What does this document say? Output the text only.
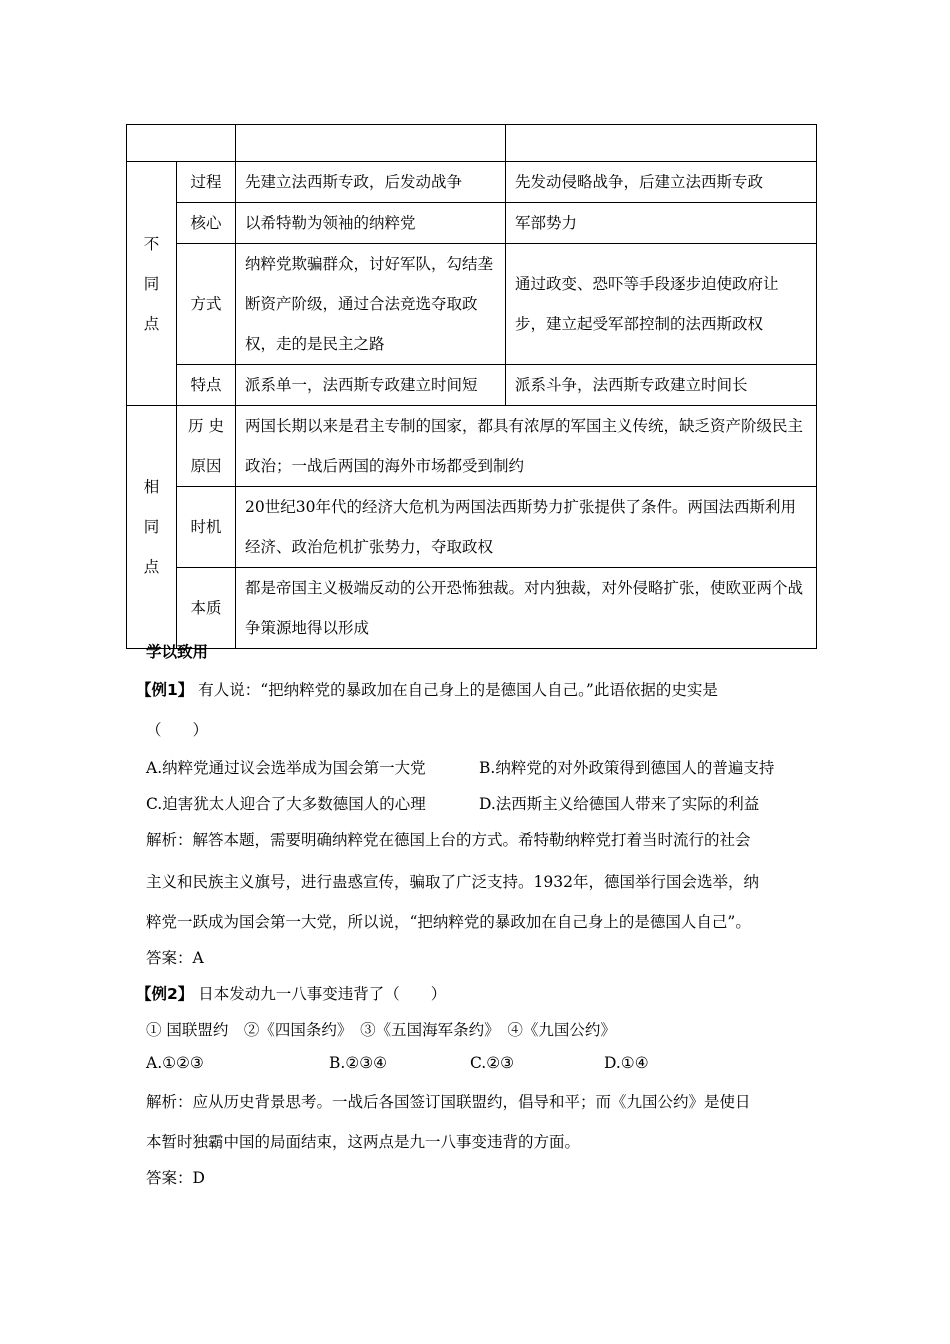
不同点	过程	先建立法西斯专政，后发动战争	先发动侵略战争，后建立法西斯专政
	核心	以希特勒为领袖的纳粹党	军部势力
	方式	纳粹党欺骗群众，讨好军队，勾结垄断资产阶级，通过合法竞选夺取政权，走的是民主之路	通过政变、恐吓等手段逐步迫使政府让步，建立起受军部控制的法西斯政权
	特点	派系单一，法西斯专政建立时间短	派系斗争，法西斯专政建立时间长

相同点	历 史原因	两国长期以来是君主专制的国家，都具有浓厚的军国主义传统，缺乏资产阶级民主政治；一战后两国的海外市场都受到制约	
	时机	20世纪30年代的经济大危机为两国法西斯势力扩张提供了条件。两国法西斯利用经济、政治危机扩张势力，夺取政权	
	本质	都是帝国主义极端反动的公开恐怖独裁。对内独裁，对外侵略扩张，使欧亚两个战争策源地得以形成	
学以致用
【例1】 有人说：“把纳粹党的暴政加在自己身上的是德国人自己。”此语依据的史实是
（　　）
A.纳粹党通过议会选举成为国会第一大党	B.纳粹党的对外政策得到德国人的普遍支持
C.迫害犹太人迎合了大多数德国人的心理	D.法西斯主义给德国人带来了实际的利益
解析：解答本题，需要明确纳粹党在德国上台的方式。希特勒纳粹党打着当时流行的社会
主义和民族主义旗号，进行蛊惑宣传，骗取了广泛支持。1932年，德国举行国会选举，纳
粹党一跃成为国会第一大党，所以说，“把纳粹党的暴政加在自己身上的是德国人自己”。
答案：A
【例2】 日本发动九一八事变违背了（　　）
① 国联盟约　②《四国条约》　③《五国海军条约》　④《九国公约》
A.①②③	B.②③④	C.②③	D.①④
解析：应从历史背景思考。一战后各国签订国联盟约，倡导和平；而《九国公约》是使日
本暂时独霸中国的局面结束，这两点是九一八事变违背的方面。
答案：D
